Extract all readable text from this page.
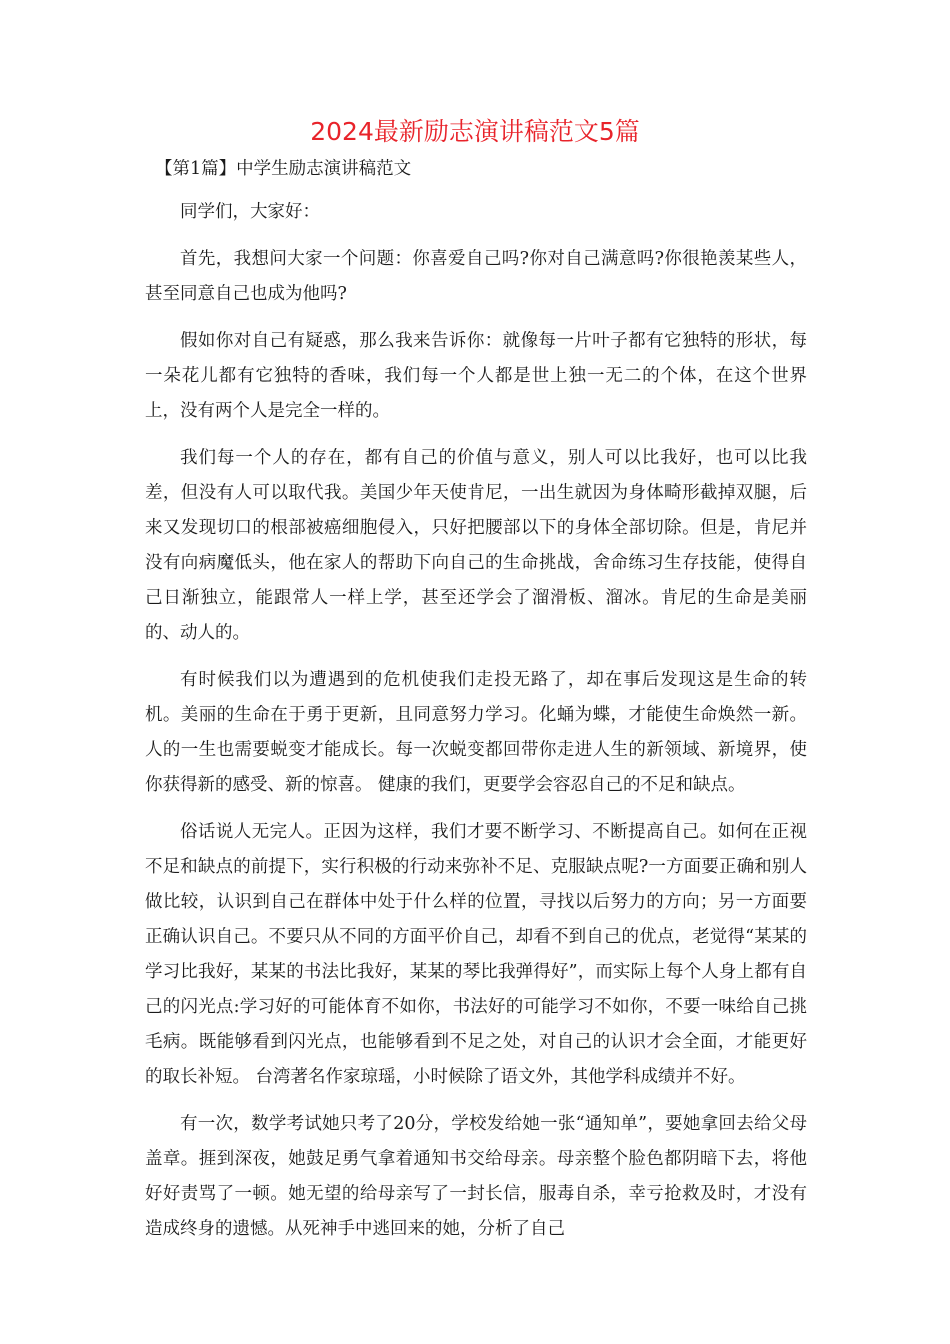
2024最新励志演讲稿范文5篇
【第1篇】中学生励志演讲稿范文

同学们，大家好：

首先，我想问大家一个问题：你喜爱自己吗?你对自己满意吗?你很艳羡某些人，甚至同意自己也成为他吗?

假如你对自己有疑惑，那么我来告诉你：就像每一片叶子都有它独特的形状，每一朵花儿都有它独特的香味，我们每一个人都是世上独一无二的个体，在这个世界上，没有两个人是完全一样的。

我们每一个人的存在，都有自己的价值与意义，别人可以比我好，也可以比我差，但没有人可以取代我。美国少年天使肯尼，一出生就因为身体畸形截掉双腿，后来又发现切口的根部被癌细胞侵入，只好把腰部以下的身体全部切除。但是，肯尼并没有向病魔低头，他在家人的帮助下向自己的生命挑战，舍命练习生存技能，使得自己日渐独立，能跟常人一样上学，甚至还学会了溜滑板、溜冰。肯尼的生命是美丽的、动人的。

有时候我们以为遭遇到的危机使我们走投无路了，却在事后发现这是生命的转机。美丽的生命在于勇于更新，且同意努力学习。化蛹为蝶，才能使生命焕然一新。人的一生也需要蜕变才能成长。每一次蜕变都回带你走进人生的新领域、新境界，使你获得新的感受、新的惊喜。 健康的我们，更要学会容忍自己的不足和缺点。

俗话说人无完人。正因为这样，我们才要不断学习、不断提高自己。如何在正视不足和缺点的前提下，实行积极的行动来弥补不足、克服缺点呢?一方面要正确和别人做比较，认识到自己在群体中处于什么样的位置，寻找以后努力的方向；另一方面要正确认识自己。不要只从不同的方面平价自己，却看不到自己的优点，老觉得“某某的学习比我好，某某的书法比我好，某某的琴比我弹得好”，而实际上每个人身上都有自己的闪光点:学习好的可能体育不如你，书法好的可能学习不如你，不要一味给自己挑毛病。既能够看到闪光点，也能够看到不足之处，对自己的认识才会全面，才能更好的取长补短。 台湾著名作家琼瑶，小时候除了语文外，其他学科成绩并不好。

有一次，数学考试她只考了20分，学校发给她一张“通知单”，要她拿回去给父母盖章。捱到深夜，她鼓足勇气拿着通知书交给母亲。母亲整个脸色都阴暗下去，将他好好责骂了一顿。她无望的给母亲写了一封长信，服毒自杀，幸亏抢救及时，才没有造成终身的遗憾。从死神手中逃回来的她，分析了自己
